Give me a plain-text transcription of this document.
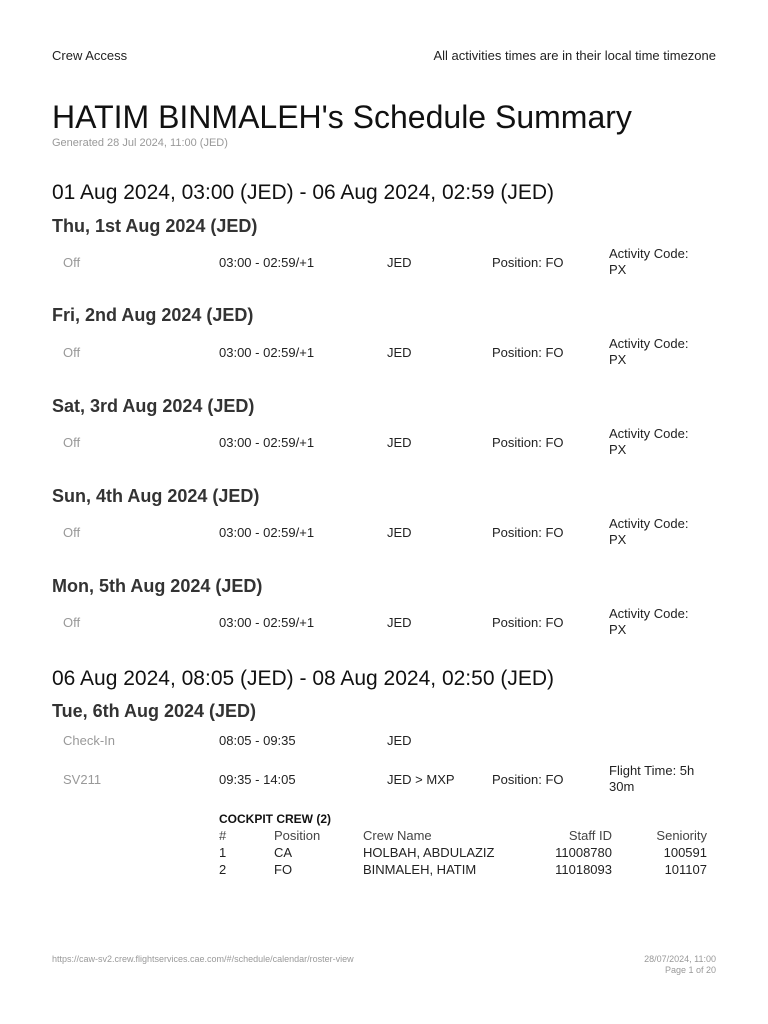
Crew Access	All activities times are in their local time timezone
HATIM BINMALEH's Schedule Summary
Generated 28 Jul 2024, 11:00 (JED)
01 Aug 2024, 03:00 (JED) - 06 Aug 2024, 02:59 (JED)
Thu, 1st Aug 2024 (JED)
Off	03:00 - 02:59/+1	JED	Position: FO
Activity Code: PX
Fri, 2nd Aug 2024 (JED)
Off	03:00 - 02:59/+1	JED	Position: FO
Activity Code: PX
Sat, 3rd Aug 2024 (JED)
Off	03:00 - 02:59/+1	JED	Position: FO
Activity Code: PX
Sun, 4th Aug 2024 (JED)
Off	03:00 - 02:59/+1	JED	Position: FO
Activity Code: PX
Mon, 5th Aug 2024 (JED)
Off	03:00 - 02:59/+1	JED	Position: FO
Activity Code: PX
06 Aug 2024, 08:05 (JED) - 08 Aug 2024, 02:50 (JED)
Tue, 6th Aug 2024 (JED)
Check-In	08:05 - 09:35	JED
SV211	09:35 - 14:05	JED > MXP	Position: FO
Flight Time: 5h 30m
COCKPIT CREW (2)
#	Position	Crew Name	Staff ID	Seniority
1	CA	HOLBAH, ABDULAZIZ	11008780	100591
2	FO	BINMALEH, HATIM	11018093	101107
https://caw-sv2.crew.flightservices.cae.com/#/schedule/calendar/roster-view	28/07/2024, 11:00
Page 1 of 20
